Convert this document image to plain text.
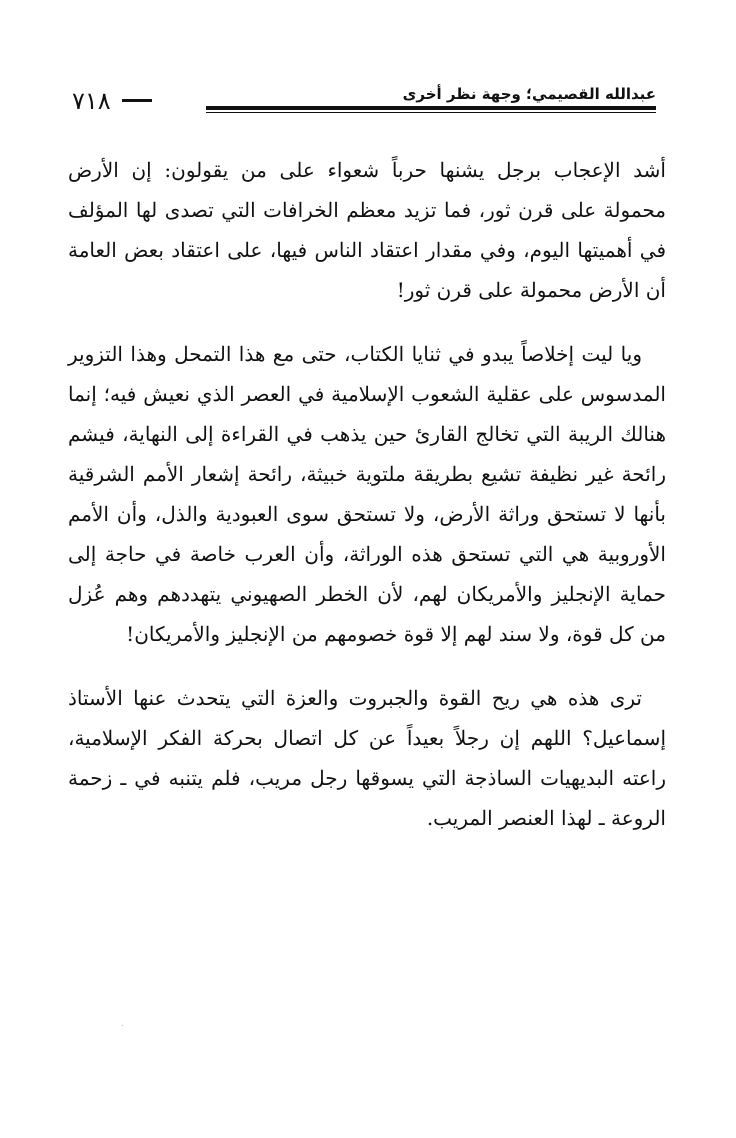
٧١٨	عبدالله القصيمي؛ وجهة نظر أخرى

أشد الإعجاب برجل يشنها حرباً شعواء على من يقولون: إن الأرض محمولة على قرن ثور، فما تزيد معظم الخرافات التي تصدى لها المؤلف في أهميتها اليوم، وفي مقدار اعتقاد الناس فيها، على اعتقاد بعض العامة أن الأرض محمولة على قرن ثور!

ويا ليت إخلاصاً يبدو في ثنايا الكتاب، حتى مع هذا التمحل وهذا التزوير المدسوس على عقلية الشعوب الإسلامية في العصر الذي نعيش فيه؛ إنما هنالك الريبة التي تخالج القارئ حين يذهب في القراءة إلى النهاية، فيشم رائحة غير نظيفة تشيع بطريقة ملتوية خبيثة، رائحة إشعار الأمم الشرقية بأنها لا تستحق وراثة الأرض، ولا تستحق سوى العبودية والذل، وأن الأمم الأوروبية هي التي تستحق هذه الوراثة، وأن العرب خاصة في حاجة إلى حماية الإنجليز والأمريكان لهم، لأن الخطر الصهيوني يتهددهم وهم عُزل من كل قوة، ولا سند لهم إلا قوة خصومهم من الإنجليز والأمريكان!

ترى هذه هي ريح القوة والجبروت والعزة التي يتحدث عنها الأستاذ إسماعيل؟ اللهم إن رجلاً بعيداً عن كل اتصال بحركة الفكر الإسلامية، راعته البديهيات الساذجة التي يسوقها رجل مريب، فلم يتنبه في ـ زحمة الروعة ـ لهذا العنصر المريب.
